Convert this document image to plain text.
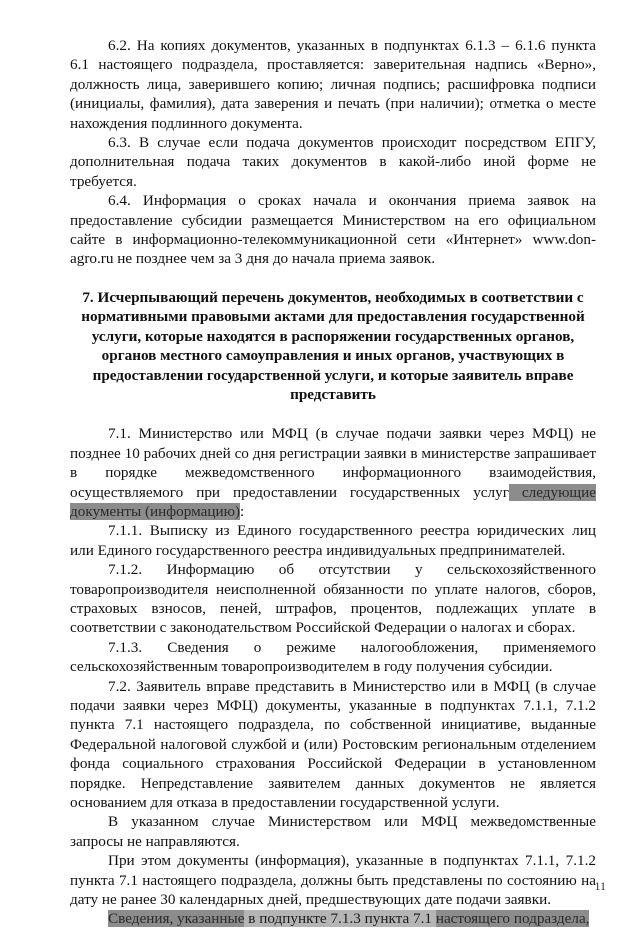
6.2. На копиях документов, указанных в подпунктах 6.1.3 – 6.1.6 пункта 6.1 настоящего подраздела, проставляется: заверительная надпись «Верно», должность лица, заверившего копию; личная подпись; расшифровка подписи (инициалы, фамилия), дата заверения и печать (при наличии); отметка о месте нахождения подлинного документа.

6.3. В случае если подача документов происходит посредством ЕПГУ, дополнительная подача таких документов в какой-либо иной форме не требуется.

6.4. Информация о сроках начала и окончания приема заявок на предоставление субсидии размещается Министерством на его официальном сайте в информационно-телекоммуникационной сети «Интернет» www.don-agro.ru не позднее чем за 3 дня до начала приема заявок.

7. Исчерпывающий перечень документов, необходимых в соответствии с нормативными правовыми актами для предоставления государственной услуги, которые находятся в распоряжении государственных органов, органов местного самоуправления и иных органов, участвующих в предоставлении государственной услуги, и которые заявитель вправе представить

7.1. Министерство или МФЦ (в случае подачи заявки через МФЦ) не позднее 10 рабочих дней со дня регистрации заявки в министерстве запрашивает в порядке межведомственного информационного взаимодействия, осуществляемого при предоставлении государственных услуг следующие документы (информацию):

7.1.1. Выписку из Единого государственного реестра юридических лиц или Единого государственного реестра индивидуальных предпринимателей.

7.1.2. Информацию об отсутствии у сельскохозяйственного товаропроизводителя неисполненной обязанности по уплате налогов, сборов, страховых взносов, пеней, штрафов, процентов, подлежащих уплате в соответствии с законодательством Российской Федерации о налогах и сборах.

7.1.3. Сведения о режиме налогообложения, применяемого сельскохозяйственным товаропроизводителем в году получения субсидии.

7.2. Заявитель вправе представить в Министерство или в МФЦ (в случае подачи заявки через МФЦ) документы, указанные в подпунктах 7.1.1, 7.1.2 пункта 7.1 настоящего подраздела, по собственной инициативе, выданные Федеральной налоговой службой и (или) Ростовским региональным отделением фонда социального страхования Российской Федерации в установленном порядке. Непредставление заявителем данных документов не является основанием для отказа в предоставлении государственной услуги.

В указанном случае Министерством или МФЦ межведомственные запросы не направляются.

При этом документы (информация), указанные в подпунктах 7.1.1, 7.1.2 пункта 7.1 настоящего подраздела, должны быть представлены по состоянию на дату не ранее 30 календарных дней, предшествующих дате подачи заявки.

Сведения, указанные в подпункте 7.1.3 пункта 7.1 настоящего подраздела,

11
